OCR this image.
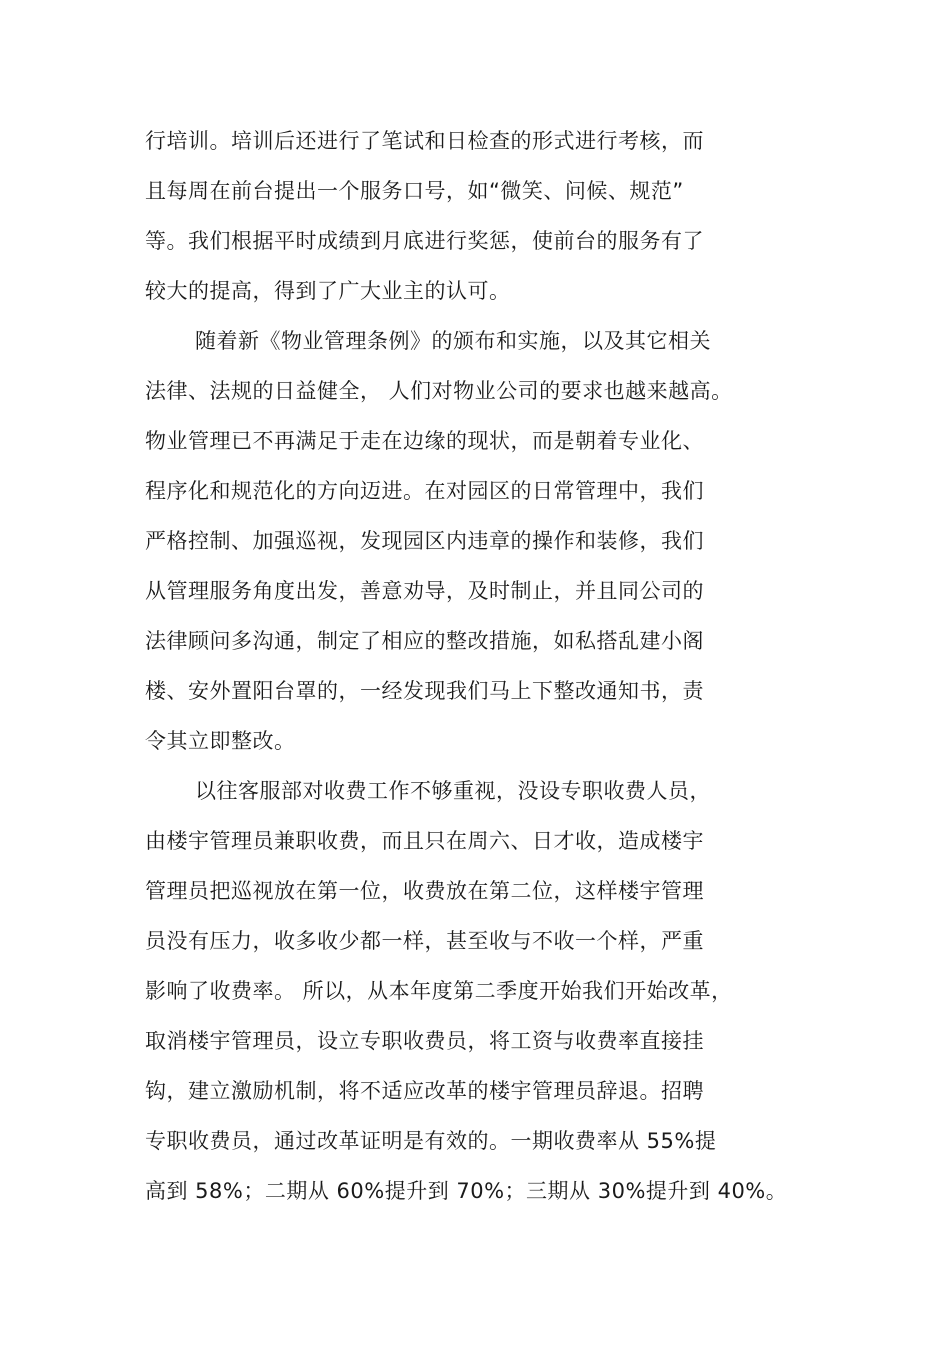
行培训。培训后还进行了笔试和日检查的形式进行考核，而
且每周在前台提出一个服务口号，如“微笑、问候、规范”
等。我们根据平时成绩到月底进行奖惩，使前台的服务有了
较大的提高，得到了广大业主的认可。
随着新《物业管理条例》的颁布和实施，以及其它相关
法律、法规的日益健全， 人们对物业公司的要求也越来越高。
物业管理已不再满足于走在边缘的现状，而是朝着专业化、
程序化和规范化的方向迈进。在对园区的日常管理中，我们
严格控制、加强巡视，发现园区内违章的操作和装修，我们
从管理服务角度出发，善意劝导，及时制止，并且同公司的
法律顾问多沟通，制定了相应的整改措施，如私搭乱建小阁
楼、安外置阳台罩的，一经发现我们马上下整改通知书，责
令其立即整改。
以往客服部对收费工作不够重视，没设专职收费人员，
由楼宇管理员兼职收费，而且只在周六、日才收，造成楼宇
管理员把巡视放在第一位，收费放在第二位，这样楼宇管理
员没有压力，收多收少都一样，甚至收与不收一个样，严重
影响了收费率。 所以，从本年度第二季度开始我们开始改革，
取消楼宇管理员，设立专职收费员，将工资与收费率直接挂
钩，建立激励机制，将不适应改革的楼宇管理员辞退。招聘
专职收费员，通过改革证明是有效的。一期收费率从 55%提
高到 58%；二期从 60%提升到 70%；三期从 30%提升到 40%。
